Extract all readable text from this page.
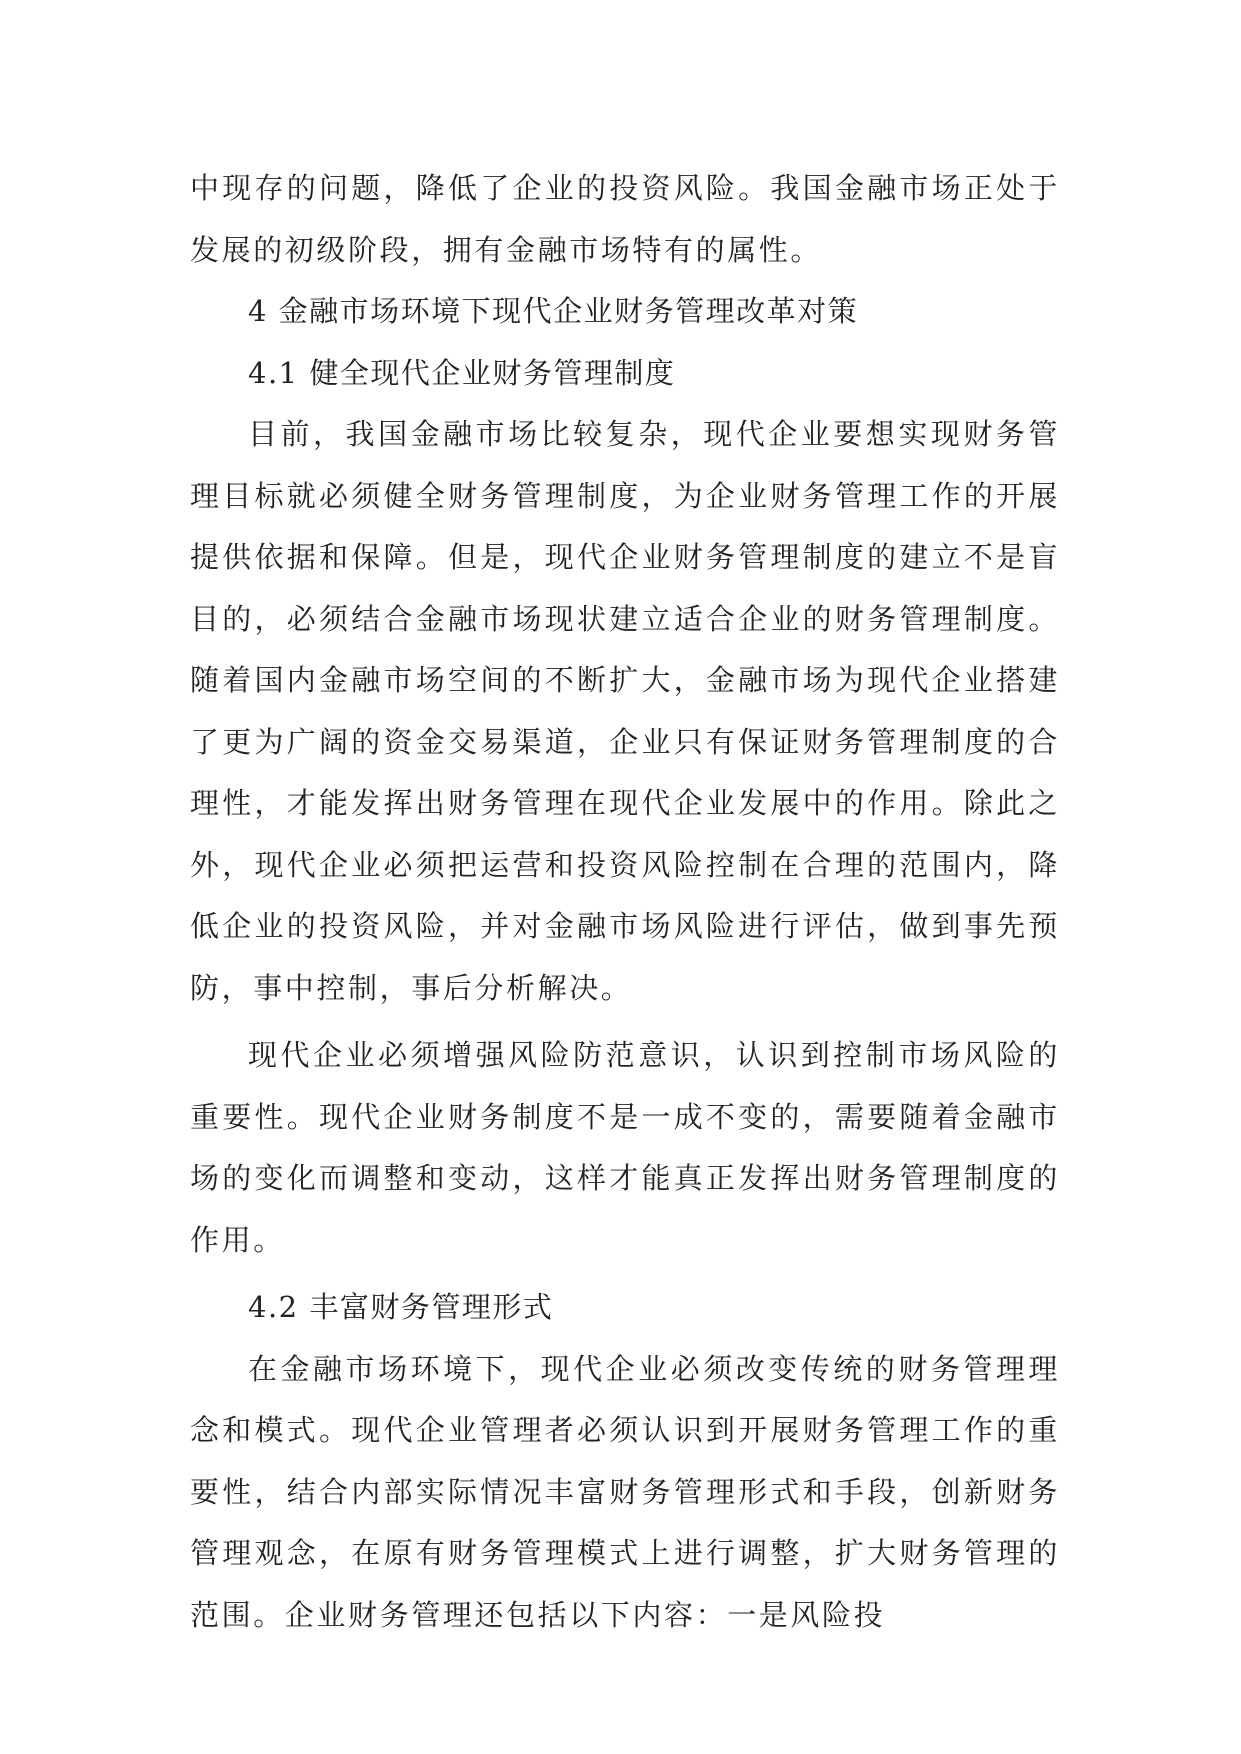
中现存的问题，降低了企业的投资风险。我国金融市场正处于发展的初级阶段，拥有金融市场特有的属性。

4 金融市场环境下现代企业财务管理改革对策

4.1 健全现代企业财务管理制度

目前，我国金融市场比较复杂，现代企业要想实现财务管理目标就必须健全财务管理制度，为企业财务管理工作的开展提供依据和保障。但是，现代企业财务管理制度的建立不是盲目的，必须结合金融市场现状建立适合企业的财务管理制度。随着国内金融市场空间的不断扩大，金融市场为现代企业搭建了更为广阔的资金交易渠道，企业只有保证财务管理制度的合理性，才能发挥出财务管理在现代企业发展中的作用。除此之外，现代企业必须把运营和投资风险控制在合理的范围内，降低企业的投资风险，并对金融市场风险进行评估，做到事先预防，事中控制，事后分析解决。

现代企业必须增强风险防范意识，认识到控制市场风险的重要性。现代企业财务制度不是一成不变的，需要随着金融市场的变化而调整和变动，这样才能真正发挥出财务管理制度的作用。

4.2 丰富财务管理形式

在金融市场环境下，现代企业必须改变传统的财务管理理念和模式。现代企业管理者必须认识到开展财务管理工作的重要性，结合内部实际情况丰富财务管理形式和手段，创新财务管理观念，在原有财务管理模式上进行调整，扩大财务管理的范围。企业财务管理还包括以下内容：一是风险投
